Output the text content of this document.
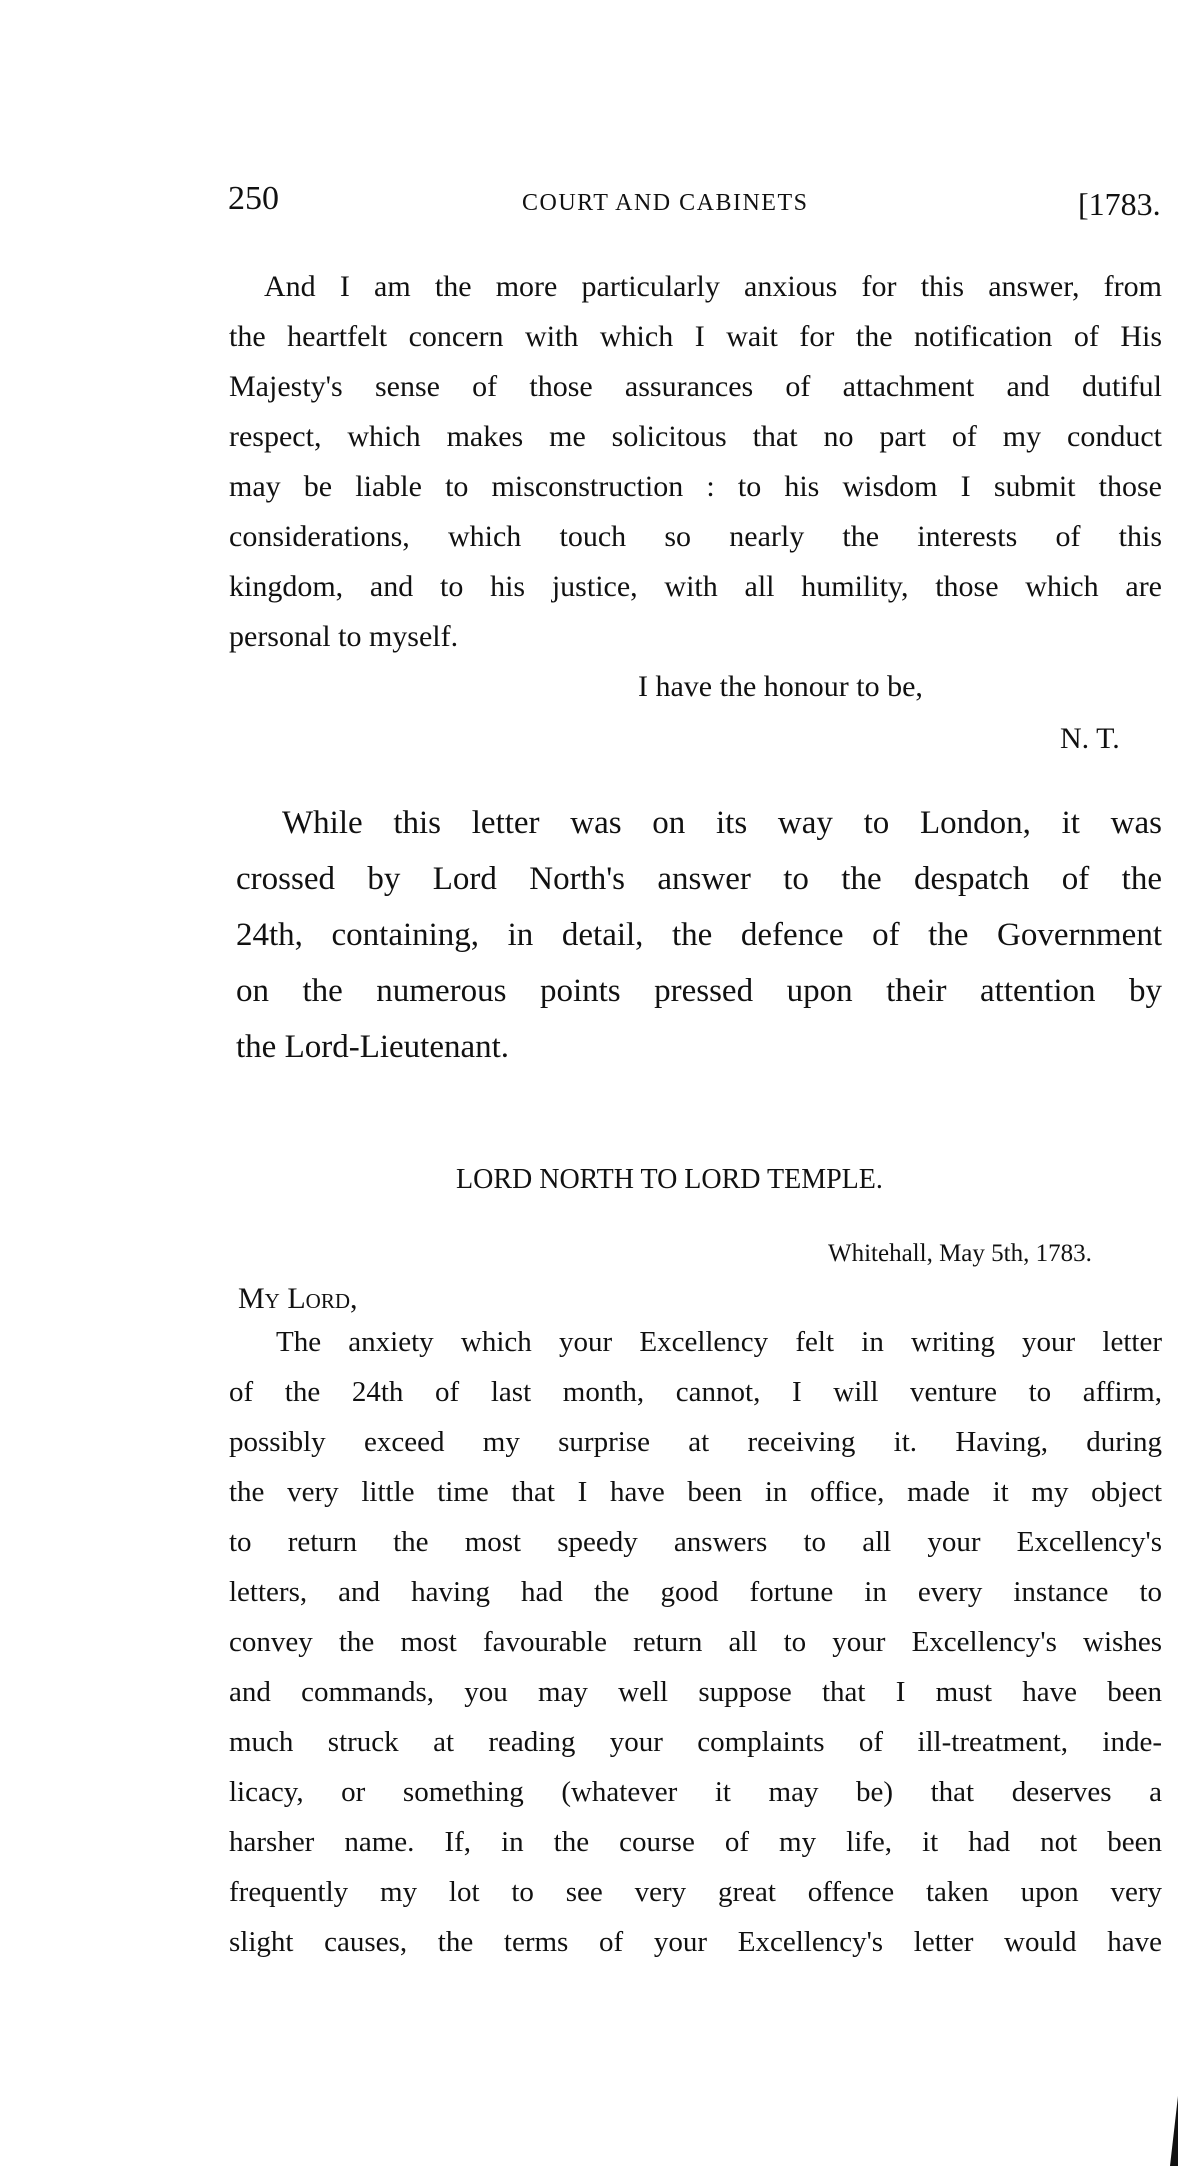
250	COURT AND CABINETS	[1783.
And I am the more particularly anxious for this answer, from
the heartfelt concern with which I wait for the notification of His
Majesty's sense of those assurances of attachment and dutiful
respect, which makes me solicitous that no part of my conduct
may be liable to misconstruction : to his wisdom I submit those
considerations, which touch so nearly the interests of this
kingdom, and to his justice, with all humility, those which are
personal to myself.
I have the honour to be,
N. T.
While this letter was on its way to London, it was
crossed by Lord North's answer to the despatch of the
24th, containing, in detail, the defence of the Government
on the numerous points pressed upon their attention by
the Lord-Lieutenant.
LORD NORTH TO LORD TEMPLE.
Whitehall, May 5th, 1783.
My Lord,
The anxiety which your Excellency felt in writing your letter
of the 24th of last month, cannot, I will venture to affirm,
possibly exceed my surprise at receiving it. Having, during
the very little time that I have been in office, made it my object
to return the most speedy answers to all your Excellency's
letters, and having had the good fortune in every instance to
convey the most favourable return all to your Excellency's wishes
and commands, you may well suppose that I must have been
much struck at reading your complaints of ill-treatment, inde-
licacy, or something (whatever it may be) that deserves a
harsher name. If, in the course of my life, it had not been
frequently my lot to see very great offence taken upon very
slight causes, the terms of your Excellency's letter would have
